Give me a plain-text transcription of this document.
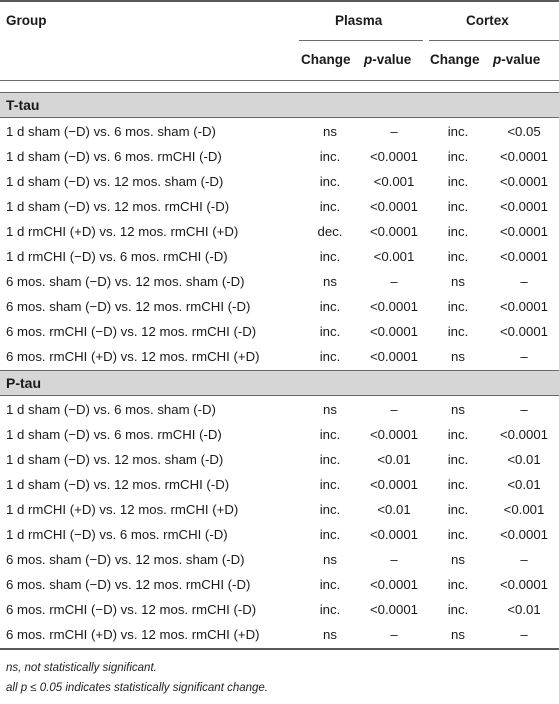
Group	Plasma	Cortex
Change p-value Change p-value
T-tau
1 d sham (−D) vs. 6 mos. sham (-D)	ns	–	inc.	<0.05
1 d sham (−D) vs. 6 mos. rmCHI (-D)	inc.	<0.0001	inc.	<0.0001
1 d sham (−D) vs. 12 mos. sham (-D)	inc.	<0.001	inc.	<0.0001
1 d sham (−D) vs. 12 mos. rmCHI (-D)	inc.	<0.0001	inc.	<0.0001
1 d rmCHI (+D) vs. 12 mos. rmCHI (+D)	dec.	<0.0001	inc.	<0.0001
1 d rmCHI (−D) vs. 6 mos. rmCHI (-D)	inc.	<0.001	inc.	<0.0001
6 mos. sham (−D) vs. 12 mos. sham (-D)	ns	–	ns	–
6 mos. sham (−D) vs. 12 mos. rmCHI (-D)	inc.	<0.0001	inc.	<0.0001
6 mos. rmCHI (−D) vs. 12 mos. rmCHI (-D)	inc.	<0.0001	inc.	<0.0001
6 mos. rmCHI (+D) vs. 12 mos. rmCHI (+D)	inc.	<0.0001	ns	–
P-tau
1 d sham (−D) vs. 6 mos. sham (-D)	ns	–	ns	–
1 d sham (−D) vs. 6 mos. rmCHI (-D)	inc.	<0.0001	inc.	<0.0001
1 d sham (−D) vs. 12 mos. sham (-D)	inc.	<0.01	inc.	<0.01
1 d sham (−D) vs. 12 mos. rmCHI (-D)	inc.	<0.0001	inc.	<0.01
1 d rmCHI (+D) vs. 12 mos. rmCHI (+D)	inc.	<0.01	inc.	<0.001
1 d rmCHI (−D) vs. 6 mos. rmCHI (-D)	inc.	<0.0001	inc.	<0.0001
6 mos. sham (−D) vs. 12 mos. sham (-D)	ns	–	ns	–
6 mos. sham (−D) vs. 12 mos. rmCHI (-D)	inc.	<0.0001	inc.	<0.0001
6 mos. rmCHI (−D) vs. 12 mos. rmCHI (-D)	inc.	<0.0001	inc.	<0.01
6 mos. rmCHI (+D) vs. 12 mos. rmCHI (+D)	ns	–	ns	–
ns, not statistically significant.
all p ≤ 0.05 indicates statistically significant change.
